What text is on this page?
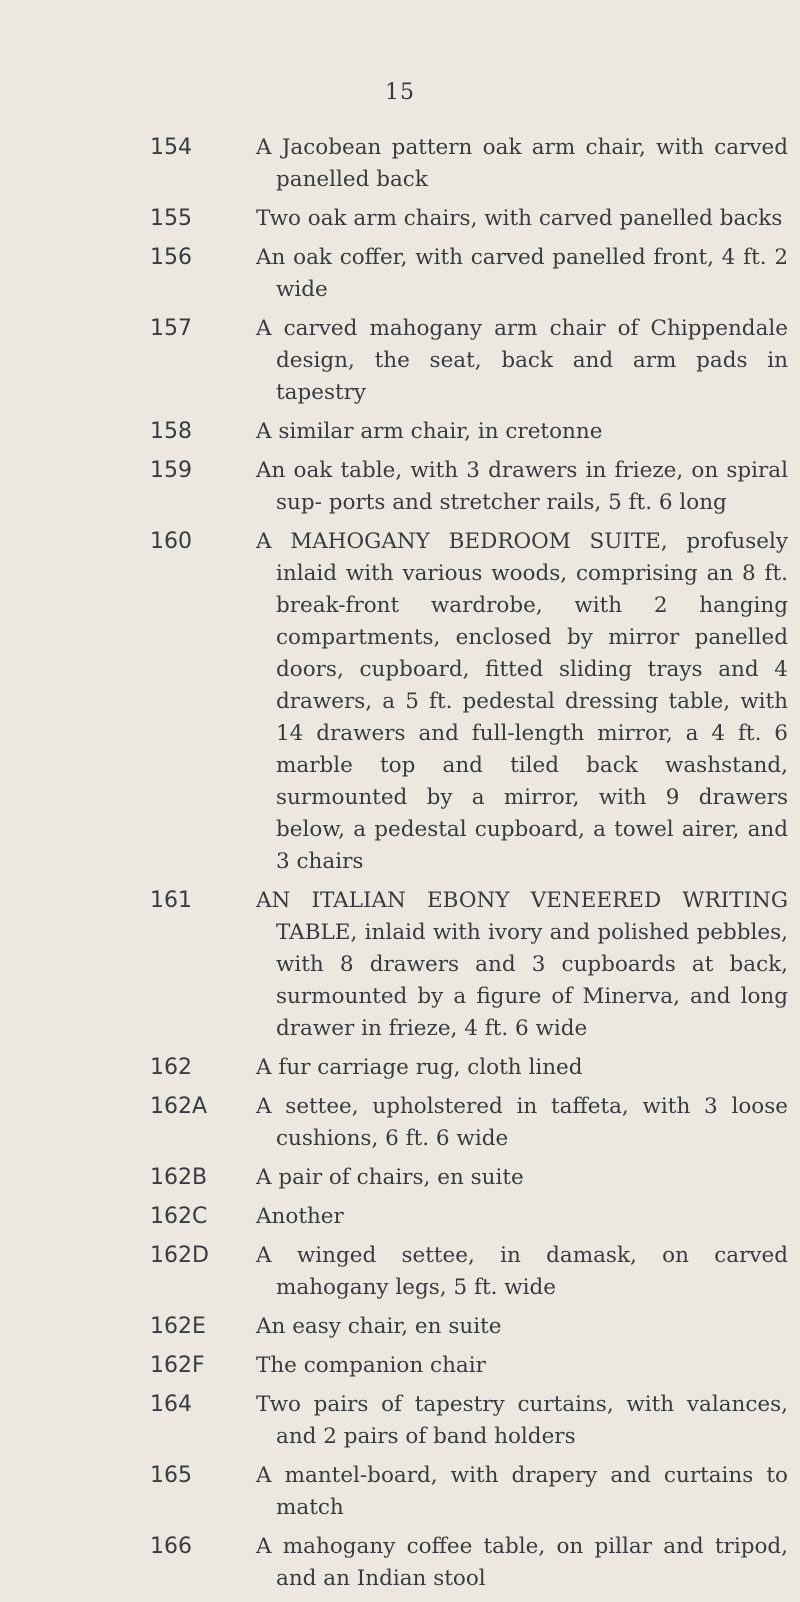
15
154	A Jacobean pattern oak arm chair, with carved panelled back
155	Two oak arm chairs, with carved panelled backs
156	An oak coffer, with carved panelled front, 4 ft. 2 wide
157	A carved mahogany arm chair of Chippendale design, the seat, back and arm pads in tapestry
158	A similar arm chair, in cretonne
159	An oak table, with 3 drawers in frieze, on spiral sup- ports and stretcher rails, 5 ft. 6 long
160	A MAHOGANY BEDROOM SUITE, profusely inlaid with various woods, comprising an 8 ft. break-front wardrobe, with 2 hanging compartments, enclosed by mirror panelled doors, cupboard, fitted sliding trays and 4 drawers, a 5 ft. pedestal dressing table, with 14 drawers and full-length mirror, a 4 ft. 6 marble top and tiled back washstand, surmounted by a mirror, with 9 drawers below, a pedestal cupboard, a towel airer, and 3 chairs
161	AN ITALIAN EBONY VENEERED WRITING TABLE, inlaid with ivory and polished pebbles, with 8 drawers and 3 cupboards at back, surmounted by a figure of Minerva, and long drawer in frieze, 4 ft. 6 wide
162	A fur carriage rug, cloth lined
162A A settee, upholstered in taffeta, with 3 loose cushions, 6 ft. 6 wide
162B A pair of chairs, en suite
162C Another
162D A winged settee, in damask, on carved mahogany legs, 5 ft. wide
162E An easy chair, en suite
162F The companion chair
164	Two pairs of tapestry curtains, with valances, and 2 pairs of band holders
165	A mantel-board, with drapery and curtains to match
166	A mahogany coffee table, on pillar and tripod, and an Indian stool
